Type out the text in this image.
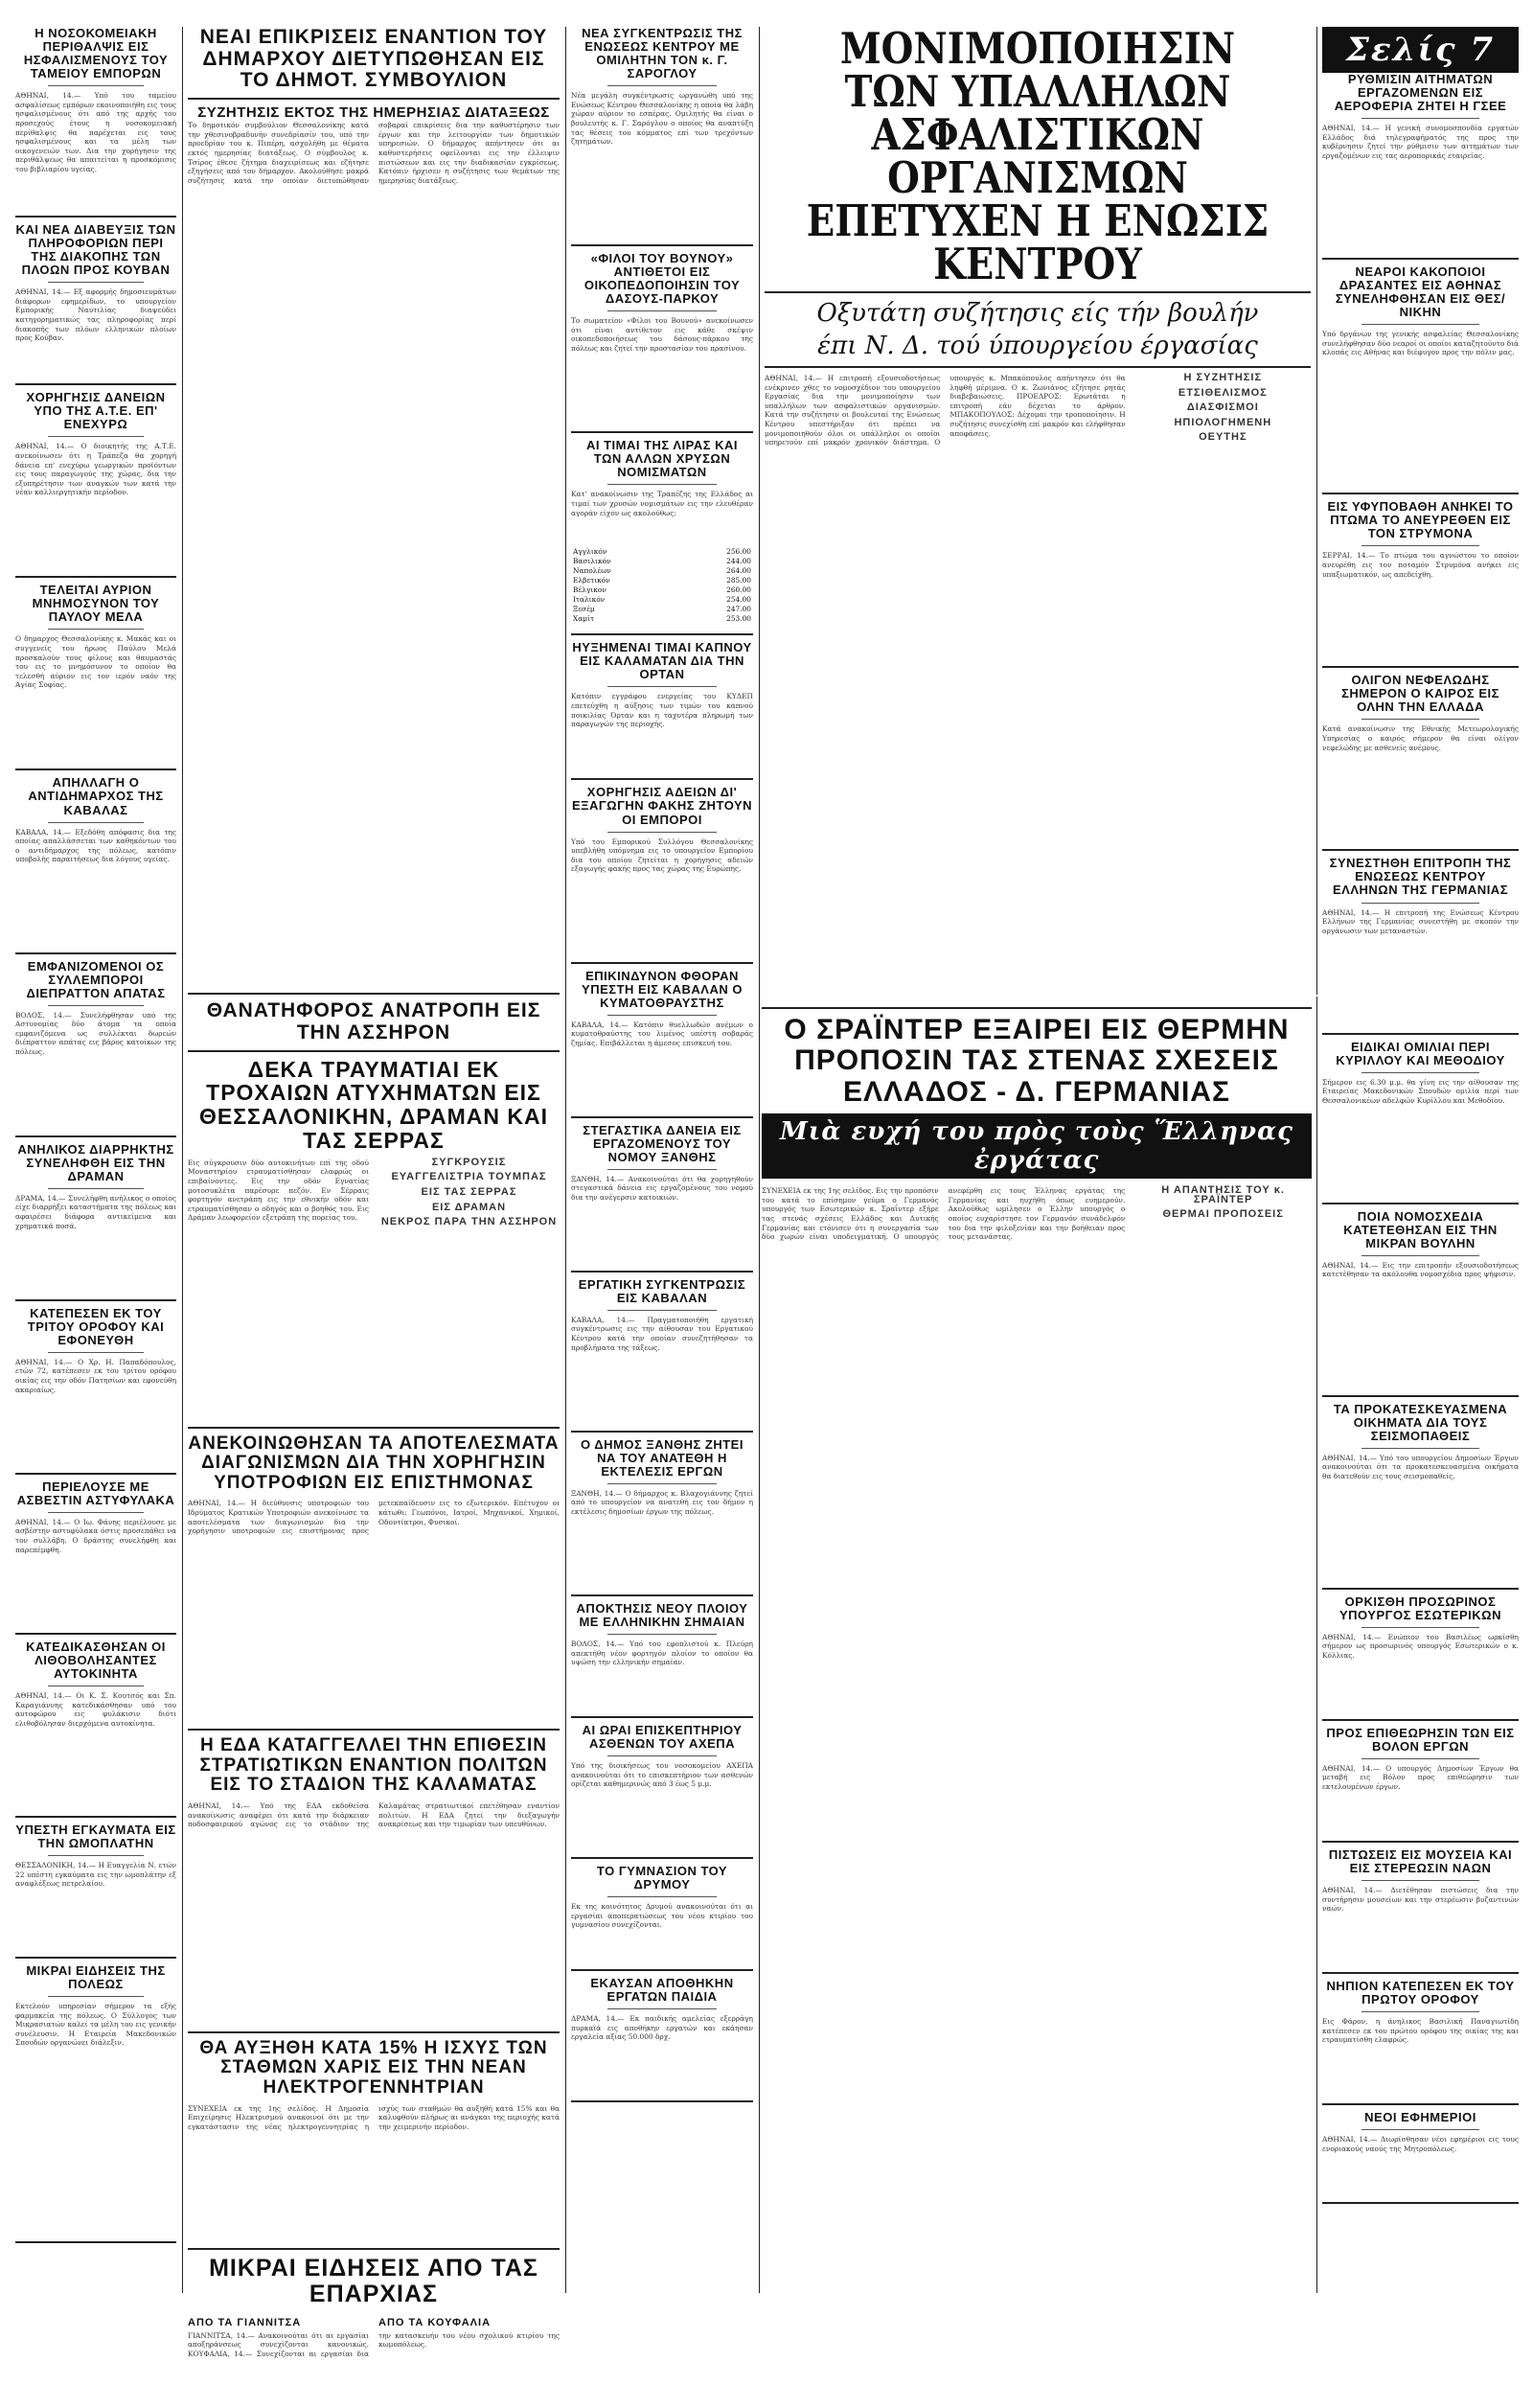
Η ΝΟΣΟΚΟΜΕΙΑΚΗ ΠΕΡΙΘΑΛΨΙΣ ΕΙΣ ΗΣΦΑΛΙΣΜΕΝΟΥΣ ΤΟΥ ΤΑΜΕΙΟΥ ΕΜΠΟΡΩΝ
ΑΘΗΝΑΙ, 14.— Υπό του ταμείου ασφαλίσεως εμπόρων εκοινοποιήθη εις τους ησφαλισμένους ότι από της αρχής του προσεχούς έτους η νοσοκομειακή περίθαλψις θα παρέχεται εις τους ησφαλισμένους και τα μέλη των οικογενειών των. Δια την χορήγησιν της περιθάλψεως θα απαιτείται η προσκόμισις του βιβλιαρίου υγείας.
ΚΑΙ ΝΕΑ ΔΙΑΒΕΥΞΙΣ ΤΩΝ ΠΛΗΡΟΦΟΡΙΩΝ ΠΕΡΙ ΤΗΣ ΔΙΑΚΟΠΗΣ ΤΩΝ ΠΛΟΩΝ ΠΡΟΣ ΚΟΥΒΑΝ
ΑΘΗΝΑΙ, 14.— Εξ αφορμής δημοσιευμάτων διάφορων εφημερίδων, το υπουργείον Εμπορικής Ναυτιλίας διαψεύδει κατηγορηματικώς τας πληροφορίας περί διακοπής των πλόων ελληνικών πλοίων προς Κούβαν.
ΧΟΡΗΓΗΣΙΣ ΔΑΝΕΙΩΝ ΥΠΟ ΤΗΣ Α.Τ.Ε. ΕΠ' ΕΝΕΧΥΡΩ
ΑΘΗΝΑΙ, 14.— Ο διοικητής της Α.Τ.Ε. ανεκοίνωσεν ότι η Τράπεζα θα χορηγή δάνεια επ' ενεχύρω γεωργικών προϊόντων εις τους παραγωγούς της χώρας, δια την εξυπηρέτησιν των αναγκών των κατά την νέαν καλλιεργητικήν περίοδον.
ΤΕΛΕΙΤΑΙ ΑΥΡΙΟΝ ΜΝΗΜΟΣΥΝΟΝ ΤΟΥ ΠΑΥΛΟΥ ΜΕΛΑ
Ο δημαρχος Θεσσαλονίκης κ. Μακάς και οι συγγενείς του ήρωος Παύλου Μελά προσκαλούν τους φίλους και θαυμαστάς του εις το μνημόσυνον το οποίον θα τελεσθή αύριον εις τον ιερόν ναόν της Αγίας Σοφίας.
ΑΠΗΛΛΑΓΗ Ο ΑΝΤΙΔΗΜΑΡΧΟΣ ΤΗΣ ΚΑΒΑΛΑΣ
ΚΑΒΑΛΑ, 14.— Εξεδόθη απόφασις δια της οποίας απαλλάσσεται των καθηκόντων του ο αντιδήμαρχος της πόλεως, κατόπιν υποβολής παραιτήσεως δια λόγους υγείας.
ΕΜΦΑΝΙΖΟΜΕΝΟΙ ΟΣ ΣΥΛΛΕΜΠΟΡΟΙ ΔΙΕΠΡΑΤΤΟΝ ΑΠΑΤΑΣ
ΒΟΛΟΣ, 14.— Συνελήφθησαν υπό της Αστυνομίας δύο άτομα τα οποία εμφανιζόμενα ως συλλέκται δωρεών διέπραττον απάτας εις βάρος κατοίκων της πόλεως.
ΑΝΗΛΙΚΟΣ ΔΙΑΡΡΗΚΤΗΣ ΣΥΝΕΛΗΦΘΗ ΕΙΣ ΤΗΝ ΔΡΑΜΑΝ
ΔΡΑΜΑ, 14.— Συνελήφθη ανήλικος ο οποίος είχε διαρρήξει καταστήματα της πόλεως και αφαιρέσει διάφορα αντικείμενα και χρηματικά ποσά.
ΚΑΤΕΠΕΣΕΝ ΕΚ ΤΟΥ ΤΡΙΤΟΥ ΟΡΟΦΟΥ ΚΑΙ ΕΦΟΝΕΥΘΗ
ΑΘΗΝΑΙ, 14.— Ο Χρ. Η. Παπαδόπουλος, ετών 72, κατέπεσεν εκ του τρίτου ορόφου οικίας εις την οδόν Πατησίων και εφονεύθη ακαριαίως.
ΠΕΡΙΕΛΟΥΣΕ ΜΕ ΑΣΒΕΣΤΙΝ ΑΣΤΥΦΥΛΑΚΑ
ΑΘΗΝΑΙ, 14.— Ο Ιω. Φάνης περιέλουσε με ασβέστην αστυφύλακα όστις προσεπάθει να τον συλλάβη. Ο δράστης συνελήφθη και παρεπέμφθη.
ΚΑΤΕΔΙΚΑΣΘΗΣΑΝ ΟΙ ΛΙΘΟΒΟΛΗΣΑΝΤΕΣ ΑΥΤΟΚΙΝΗΤΑ
ΑΘΗΝΑΙ, 14.— Οι Κ. Σ. Κουτσός και Σπ. Καραγιάννης κατεδικάσθησαν υπό του αυτοφώρου εις φυλάκισιν διότι ελιθοβόλησαν διερχόμενα αυτοκίνητα.
ΥΠΕΣΤΗ ΕΓΚΑΥΜΑΤΑ ΕΙΣ ΤΗΝ ΩΜΟΠΛΑΤΗΝ
ΘΕΣΣΑΛΟΝΙΚΗ, 14.— Η Ευαγγελία Ν. ετών 22 υπέστη εγκαύματα εις την ωμοπλάτην εξ αναφλέξεως πετρελαίου.
ΜΙΚΡΑΙ ΕΙΔΗΣΕΙΣ ΤΗΣ ΠΟΛΕΩΣ
Εκτελούν υπηρεσίαν σήμερον τα εξής φαρμακεία της πόλεως. Ο Σύλλογος των Μικρασιατών καλεί τα μέλη του εις γενικήν συνέλευσιν. Η Εταιρεία Μακεδονικών Σπουδών οργανώνει διάλεξιν.
ΝΕΑΙ ΕΠΙΚΡΙΣΕΙΣ ΕΝΑΝΤΙΟΝ ΤΟΥ ΔΗΜΑΡΧΟΥ ΔΙΕΤΥΠΩΘΗΣΑΝ ΕΙΣ ΤΟ ΔΗΜΟΤ. ΣΥΜΒΟΥΛΙΟΝ
ΣΥΖΗΤΗΣΙΣ ΕΚΤΟΣ ΤΗΣ ΗΜΕΡΗΣΙΑΣ ΔΙΑΤΑΞΕΩΣ
Το δημοτικόν συμβούλιον Θεσσαλονίκης κατά την χθεσινοβραδυνήν συνεδρίασίν του, υπό την προεδρίαν του κ. Πιπέρη, ασχολήθη με θέματα εκτός ημερησίας διατάξεως. Ο σύμβουλος κ. Τσίρος έθεσε ζήτημα διαχειρίσεως και εζήτησε εξηγήσεις από τον δήμαρχον. Ακολούθησε μακρά συζήτησις κατά την οποίαν διετυπώθησαν σοβαραί επικρίσεις δια την καθυστέρησιν των έργων και την λειτουργίαν των δημοτικών υπηρεσιών. Ο δήμαρχος απήντησεν ότι αι καθυστερήσεις οφείλονται εις την έλλειψιν πιστώσεων και εις την διαδικασίαν εγκρίσεως. Κατόπιν ήρχισεν η συζήτησις των θεμάτων της ημερησίας διατάξεως.
ΘΑΝΑΤΗΦΟΡΟΣ ΑΝΑΤΡΟΠΗ ΕΙΣ ΤΗΝ ΑΣΣΗΡΟΝ
ΔΕΚΑ ΤΡΑΥΜΑΤΙΑΙ ΕΚ ΤΡΟΧΑΙΩΝ ΑΤΥΧΗΜΑΤΩΝ ΕΙΣ ΘΕΣΣΑΛΟΝΙΚΗΝ, ΔΡΑΜΑΝ ΚΑΙ ΤΑΣ ΣΕΡΡΑΣ
Εις σύγκρουσιν δύο αυτοκινήτων επί της οδού Μοναστηρίου ετραυματίσθησαν ελαφρώς οι επιβαίνοντες. Εις την οδόν Εγνατίας μοτοσυκλέτα παρέσυρε πεζόν. Εν Σέρραις φορτηγόν ανετράπη εις την εθνικήν οδόν και ετραυματίσθησαν ο οδηγός και ο βοηθός του. Εις Δράμαν λεωφορείον εξετράπη της πορείας του.
ΣΥΓΚΡΟΥΣΙΣ
ΕΥΑΓΓΕΛΙΣΤΡΙΑ ΤΟΥΜΠΑΣ
ΕΙΣ ΤΑΣ ΣΕΡΡΑΣ
ΕΙΣ ΔΡΑΜΑΝ
ΝΕΚΡΟΣ ΠΑΡΑ ΤΗΝ ΑΣΣΗΡΟΝ
ΑΝΕΚΟΙΝΩΘΗΣΑΝ ΤΑ ΑΠΟΤΕΛΕΣΜΑΤΑ ΔΙΑΓΩΝΙΣΜΩΝ ΔΙΑ ΤΗΝ ΧΟΡΗΓΗΣΙΝ ΥΠΟΤΡΟΦΙΩΝ ΕΙΣ ΕΠΙΣΤΗΜΟΝΑΣ
ΑΘΗΝΑΙ, 14.— Η διεύθυνσις υποτροφιών του Ιδρύματος Κρατικών Υποτροφιών ανεκοίνωσε τα αποτελέσματα των διαγωνισμών δια την χορήγησιν υποτροφιών εις επιστήμονας προς μετεκπαίδευσιν εις το εξωτερικόν. Επέτυχον οι κάτωθι: Γεωπόνοι, Ιατροί, Μηχανικοί, Χημικοί, Οδοντίατροι, Φυσικοί.
Η ΕΔΑ ΚΑΤΑΓΓΕΛΛΕΙ ΤΗΝ ΕΠΙΘΕΣΙΝ ΣΤΡΑΤΙΩΤΙΚΩΝ ΕΝΑΝΤΙΟΝ ΠΟΛΙΤΩΝ ΕΙΣ ΤΟ ΣΤΑΔΙΟΝ ΤΗΣ ΚΑΛΑΜΑΤΑΣ
ΑΘΗΝΑΙ, 14.— Υπό της ΕΔΑ εκδοθείσα ανακοίνωσις αναφέρει ότι κατά την διάρκειαν ποδοσφαιρικού αγώνος εις το στάδιον της Καλαμάτας στρατιωτικοί επετέθησαν εναντίον πολιτών. Η ΕΔΑ ζητεί την διεξαγωγήν ανακρίσεως και την τιμωρίαν των υπευθύνων.
ΘΑ ΑΥΞΗΘΗ ΚΑΤΑ 15% Η ΙΣΧΥΣ ΤΩΝ ΣΤΑΘΜΩΝ ΧΑΡΙΣ ΕΙΣ ΤΗΝ ΝΕΑΝ ΗΛΕΚΤΡΟΓΕΝΝΗΤΡΙΑΝ
ΣΥΝΕΧΕΙΑ εκ της 1ης σελίδος. Η Δημοσία Επιχείρησις Ηλεκτρισμού ανακοινοί ότι με την εγκατάστασιν της νέας ηλεκτρογεννητρίας η ισχύς των σταθμών θα αυξηθή κατά 15% και θα καλυφθούν πλήρως αι ανάγκαι της περιοχής κατά την χειμερινήν περίοδον.
ΜΙΚΡΑΙ ΕΙΔΗΣΕΙΣ ΑΠΟ ΤΑΣ ΕΠΑΡΧΙΑΣ
ΑΠΟ ΤΑ ΓΙΑΝΝΙΤΣΑ	ΑΠΟ ΤΑ ΚΟΥΦΑΛΙΑ
ΓΙΑΝΝΙΤΣΑ, 14.— Ανακοινούται ότι αι εργασίαι αποξηράνσεως συνεχίζονται κανονικώς. ΚΟΥΦΑΛΙΑ, 14.— Συνεχίζονται αι εργασίαι δια την κατασκευήν του νέου σχολικού κτιρίου της κωμοπόλεως.
ΝΕΑ ΣΥΓΚΕΝΤΡΩΣΙΣ ΤΗΣ ΕΝΩΣΕΩΣ ΚΕΝΤΡΟΥ ΜΕ ΟΜΙΛΗΤΗΝ ΤΟΝ κ. Γ. ΣΑΡΟΓΛΟΥ
Νέα μεγάλη συγκέντρωσις ωργανώθη υπό της Ενώσεως Κέντρου Θεσσαλονίκης η οποία θα λάβη χώραν αύριον το εσπέρας. Ομιλητής θα είναι ο βουλευτής κ. Γ. Σαρόγλου ο οποίος θα αναπτύξη τας θέσεις του κόμματος επί των τρεχόντων ζητημάτων.
«ΦΙΛΟΙ ΤΟΥ ΒΟΥΝΟΥ» ΑΝΤΙΘΕΤΟΙ ΕΙΣ ΟΙΚΟΠΕΔΟΠΟΙΗΣΙΝ ΤΟΥ ΔΑΣΟΥΣ-ΠΑΡΚΟΥ
Το σωματείον «Φίλοι του Βουνού» ανεκοίνωσεν ότι είναι αντίθετον εις κάθε σκέψιν οικοπεδοποιήσεως του δάσους-πάρκου της πόλεως και ζητεί την προστασίαν του πρασίνου.
ΑΙ ΤΙΜΑΙ ΤΗΣ ΛΙΡΑΣ ΚΑΙ ΤΩΝ ΑΛΛΩΝ ΧΡΥΣΩΝ ΝΟΜΙΣΜΑΤΩΝ
Κατ' ανακοίνωσιν της Τραπέζης της Ελλάδος αι τιμαί των χρυσών νομισμάτων εις την ελευθέραν αγοράν είχον ως ακολούθως:
Αγγλικόν	256.00
Βασιλικόν	244.00
Ναπολέων	264.00
Ελβετικόν	285.00
Βέλγικον	260.00
Ιταλικόν	254.00
Ξεσέμ	247.00
Χαμίτ	253.00
ΗΥΞΗΜΕΝΑΙ ΤΙΜΑΙ ΚΑΠΝΟΥ ΕΙΣ ΚΑΛΑΜΑΤΑΝ ΔΙΑ ΤΗΝ ΟΡΤΑΝ
Κατόπιν εγγράφου ενεργείας του ΚΥΔΕΠ επετεύχθη η αύξησις των τιμών του καπνού ποικιλίας Όρταν και η ταχυτέρα πληρωμή των παραγωγών της περιοχής.
ΧΟΡΗΓΗΣΙΣ ΑΔΕΙΩΝ ΔΙ' ΕΞΑΓΩΓΗΝ ΦΑΚΗΣ ΖΗΤΟΥΝ ΟΙ ΕΜΠΟΡΟΙ
Υπό του Εμπορικού Συλλόγου Θεσσαλονίκης υπεβλήθη υπόμνημα εις το υπουργείον Εμπορίου δια του οποίου ζητείται η χορήγησις αδειών εξαγωγής φακής προς τας χώρας της Ευρώπης.
ΕΠΙΚΙΝΔΥΝΟΝ ΦΘΟΡΑΝ ΥΠΕΣΤΗ ΕΙΣ ΚΑΒΑΛΑΝ Ο ΚΥΜΑΤΟΘΡΑΥΣΤΗΣ
ΚΑΒΑΛΑ, 14.— Κατόπιν θυελλωδών ανέμων ο κυματοθραύστης του λιμένος υπέστη σοβαράς ζημίας. Επιβάλλεται η άμεσος επισκευή του.
ΣΤΕΓΑΣΤΙΚΑ ΔΑΝΕΙΑ ΕΙΣ ΕΡΓΑΖΟΜΕΝΟΥΣ ΤΟΥ ΝΟΜΟΥ ΞΑΝΘΗΣ
ΞΑΝΘΗ, 14.— Ανακοινούται ότι θα χορηγηθούν στεγαστικά δάνεια εις εργαζομένους του νομού δια την ανέγερσιν κατοικιών.
ΕΡΓΑΤΙΚΗ ΣΥΓΚΕΝΤΡΩΣΙΣ ΕΙΣ ΚΑΒΑΛΑΝ
ΚΑΒΑΛΑ, 14.— Πραγματοποιήθη εργατική συγκέντρωσις εις την αίθουσαν του Εργατικού Κέντρου κατά την οποίαν συνεζητήθησαν τα προβλήματα της τάξεως.
Ο ΔΗΜΟΣ ΞΑΝΘΗΣ ΖΗΤΕΙ ΝΑ ΤΟΥ ΑΝΑΤΕΘΗ Η ΕΚΤΕΛΕΣΙΣ ΕΡΓΩΝ
ΞΑΝΘΗ, 14.— Ο δήμαρχος κ. Βλαχογιάννης ζητεί από το υπουργείον να ανατεθή εις τον δήμον η εκτέλεσις δημοσίων έργων της πόλεως.
ΑΠΟΚΤΗΣΙΣ ΝΕΟΥ ΠΛΟΙΟΥ ΜΕ ΕΛΛΗΝΙΚΗΝ ΣΗΜΑΙΑΝ
ΒΟΛΟΣ, 14.— Υπό του εφοπλιστού κ. Πλεύρη απεκτήθη νέον φορτηγόν πλοίον το οποίον θα υψώση την ελληνικήν σημαίαν.
ΑΙ ΩΡΑΙ ΕΠΙΣΚΕΠΤΗΡΙΟΥ ΑΣΘΕΝΩΝ ΤΟΥ ΑΧΕΠΑ
Υπό της διοικήσεως του νοσοκομείου ΑΧΕΠΑ ανακοινούται ότι το επισκεπτήριον των ασθενών ορίζεται καθημερινώς από 3 έως 5 μ.μ.
ΤΟ ΓΥΜΝΑΣΙΟΝ ΤΟΥ ΔΡΥΜΟΥ
Εκ της κοινότητος Δρυμού ανακοινούται ότι αι εργασίαι αποπερατώσεως του νέου κτιρίου του γυμνασίου συνεχίζονται.
ΕΚΑΥΣΑΝ ΑΠΟΘΗΚΗΝ ΕΡΓΑΤΩΝ ΠΑΙΔΙΑ
ΔΡΑΜΑ, 14.— Εκ παιδικής αμελείας εξερράγη πυρκαϊά εις αποθήκην εργατών και εκάησαν εργαλεία αξίας 50.000 δρχ.
ΜΟΝΙΜΟΠΟΙΗΣΙΝ ΤΩΝ ΥΠΑΛΛΗΛΩΝ ΑΣΦΑΛΙΣΤΙΚΩΝ ΟΡΓΑΝΙΣΜΩΝ ΕΠΕΤΥΧΕΝ Η ΕΝΩΣΙΣ ΚΕΝΤΡΟΥ
Οξυτάτη συζήτησις είς τήν βουλήν
έπι Ν. Δ. τού ύπουργείου έργασίας
ΑΘΗΝΑΙ, 14.— Η επιτροπή εξουσιοδοτήσεως ενέκρινεν χθες το νομοσχέδιον του υπουργείου Εργασίας δια την μονιμοποίησιν των υπαλλήλων των ασφαλιστικών οργανισμών. Κατά την συζήτησιν οι βουλευταί της Ενώσεως Κέντρου υπεστήριξαν ότι πρέπει να μονιμοποιηθούν όλοι οι υπάλληλοι οι οποίοι υπηρετούν επί μακρόν χρονικόν διάστημα. Ο υπουργός κ. Μπακόπουλος απήντησεν ότι θα ληφθή μέριμνα. Ο κ. Ζωνιάνος εζήτησε ρητάς διαβεβαιώσεις. ΠΡΟΕΔΡΟΣ: Ερωτάται η επιτροπή εάν δέχεται το άρθρον. ΜΠΑΚΟΠΟΥΛΟΣ: Δέχομαι την τροποποίησιν. Η συζήτησις συνεχίσθη επί μακρόν και ελήφθησαν αποφάσεις.
Η ΣΥΖΗΤΗΣΙΣ
ΕΤΣΙΘΕΛΙΣΜΟΣ
ΔΙΑΣΦΙΣΜΟΙ
ΗΠΙΟΛΟΓΗΜΕΝΗ
ΟΕΥΤΗΣ
Ο ΣΡΑΪΝΤΕΡ ΕΞΑΙΡΕΙ ΕΙΣ ΘΕΡΜΗΝ ΠΡΟΠΟΣΙΝ ΤΑΣ ΣΤΕΝΑΣ ΣΧΕΣΕΙΣ ΕΛΛΑΔΟΣ - Δ. ΓΕΡΜΑΝΙΑΣ
Μιὰ ευχή του πρὸς τοὺς Ἕλληνας ἐργάτας
ΣΥΝΕΧΕΙΑ εκ της 1ης σελίδος. Εις την προπόσιν του κατά το επίσημον γεύμα ο Γερμανός υπουργός των Εσωτερικών κ. Σραΐντερ εξήρε τας στενάς σχέσεις Ελλάδος και Δυτικής Γερμανίας και ετόνισεν ότι η συνεργασία των δύο χωρών είναι υποδειγματική. Ο υπουργός ανεφέρθη εις τους Έλληνας εργάτας της Γερμανίας και ηυχήθη όπως ευημερούν. Ακολούθως ωμίλησεν ο Έλλην υπουργός ο οποίος ευχαρίστησε τον Γερμανόν συνάδελφόν του δια την φιλοξενίαν και την βοήθειαν προς τους μετανάστας.
Η ΑΠΑΝΤΗΣΙΣ ΤΟΥ κ. ΣΡΑΪΝΤΕΡ
ΘΕΡΜΑΙ ΠΡΟΠΟΣΕΙΣ
Σελίς 7
ΡΥΘΜΙΣΙΝ ΑΙΤΗΜΑΤΩΝ ΕΡΓΑΖΟΜΕΝΩΝ ΕΙΣ ΑΕΡΟΦΕΡΙΑ ΖΗΤΕΙ Η ΓΣΕΕ
ΑΘΗΝΑΙ, 14.— Η γενική συνομοσπονδία εργατών Ελλάδος διά τηλεγραφήματός της προς την κυβέρνησιν ζητεί την ρύθμισιν των αιτημάτων των εργαζομένων εις τας αεροπορικάς εταιρείας.
ΝΕΑΡΟΙ ΚΑΚΟΠΟΙΟΙ ΔΡΑΣΑΝΤΕΣ ΕΙΣ ΑΘΗΝΑΣ ΣΥΝΕΛΗΦΘΗΣΑΝ ΕΙΣ ΘΕΣ/ΝΙΚΗΝ
Υπό δργάνων της γενικής ασφαλείας Θεσσαλονίκης συνελήφθησαν δύο νεαροί οι οποίοι καταζητούντο διά κλοπάς εις Αθήνας και διέφυγον προς την πόλιν μας.
ΕΙΣ ΥΦΥΠΟΒΑΘΗ ΑΝΗΚΕΙ ΤΟ ΠΤΩΜΑ ΤΟ ΑΝΕΥΡΕΘΕΝ ΕΙΣ ΤΟΝ ΣΤΡΥΜΟΝΑ
ΣΕΡΡΑΙ, 14.— Το πτώμα του αγνώστου το οποίον ανευρέθη εις τον ποταμόν Στρυμόνα ανήκει εις υπαξιωματικόν, ως απεδείχθη.
ΟΛΙΓΟΝ ΝΕΦΕΛΩΔΗΣ ΣΗΜΕΡΟΝ Ο ΚΑΙΡΟΣ ΕΙΣ ΟΛΗΝ ΤΗΝ ΕΛΛΑΔΑ
Κατά ανακοίνωσιν της Εθνικής Μετεωρολογικής Υπηρεσίας ο καιρός σήμερον θα είναι ολίγον νεφελώδης με ασθενείς ανέμους.
ΣΥΝΕΣΤΗΘΗ ΕΠΙΤΡΟΠΗ ΤΗΣ ΕΝΩΣΕΩΣ ΚΕΝΤΡΟΥ ΕΛΛΗΝΩΝ ΤΗΣ ΓΕΡΜΑΝΙΑΣ
ΑΘΗΝΑΙ, 14.— Η επιτροπή της Ενώσεως Κέντρου Ελλήνων της Γερμανίας συνεστήθη με σκοπόν την οργάνωσιν των μεταναστών.
ΕΙΔΙΚΑΙ ΟΜΙΛΙΑΙ ΠΕΡΙ ΚΥΡΙΛΛΟΥ ΚΑΙ ΜΕΘΟΔΙΟΥ
Σήμερον εις 6.30 μ.μ. θα γίνη εις την αίθουσαν της Εταιρείας Μακεδονικών Σπουδών ομιλία περί των Θεσσαλονικέων αδελφών Κυρίλλου και Μεθοδίου.
ΠΟΙΑ ΝΟΜΟΣΧΕΔΙΑ ΚΑΤΕΤΕΘΗΣΑΝ ΕΙΣ ΤΗΝ ΜΙΚΡΑΝ ΒΟΥΛΗΝ
ΑΘΗΝΑΙ, 14.— Εις την επιτροπήν εξουσιοδοτήσεως κατετέθησαν τα ακόλουθα νομοσχέδια προς ψήφισιν.
ΤΑ ΠΡΟΚΑΤΕΣΚΕΥΑΣΜΕΝΑ ΟΙΚΗΜΑΤΑ ΔΙΑ ΤΟΥΣ ΣΕΙΣΜΟΠΑΘΕΙΣ
ΑΘΗΝΑΙ, 14.— Υπό του υπουργείου Δημοσίων Έργων ανακοινούται ότι τα προκατεσκευασμένα οικήματα θα διατεθούν εις τους σεισμοπαθείς.
ΟΡΚΙΣΘΗ ΠΡΟΣΩΡΙΝΟΣ ΥΠΟΥΡΓΟΣ ΕΣΩΤΕΡΙΚΩΝ
ΑΘΗΝΑΙ, 14.— Ενώπιον του Βασιλέως ωρκίσθη σήμερον ως προσωρινός υπουργός Εσωτερικών ο κ. Κόλλιας.
ΠΡΟΣ ΕΠΙΘΕΩΡΗΣΙΝ ΤΩΝ ΕΙΣ ΒΟΛΟΝ ΕΡΓΩΝ
ΑΘΗΝΑΙ, 14.— Ο υπουργός Δημοσίων Έργων θα μεταβή εις Βόλον προς επιθεώρησιν των εκτελουμένων έργων.
ΠΙΣΤΩΣΕΙΣ ΕΙΣ ΜΟΥΣΕΙΑ ΚΑΙ ΕΙΣ ΣΤΕΡΕΩΣΙΝ ΝΑΩΝ
ΑΘΗΝΑΙ, 14.— Διετέθησαν πιστώσεις δια την συντήρησιν μουσείων και την στερέωσιν βυζαντινών ναών.
ΝΗΠΙΟΝ ΚΑΤΕΠΕΣΕΝ ΕΚ ΤΟΥ ΠΡΩΤΟΥ ΟΡΟΦΟΥ
Εις Φάρον, η άνηλικος Βασιλική Παναγιωτίδη κατέπεσεν εκ του πρώτου ορόφου της οικίας της και ετραυματίσθη ελαφρώς.
ΝΕΟΙ ΕΦΗΜΕΡΙΟΙ
ΑΘΗΝΑΙ, 14.— Διωρίσθησαν νέοι εφημέριοι εις τους ενοριακούς ναούς της Μητροπόλεως.
